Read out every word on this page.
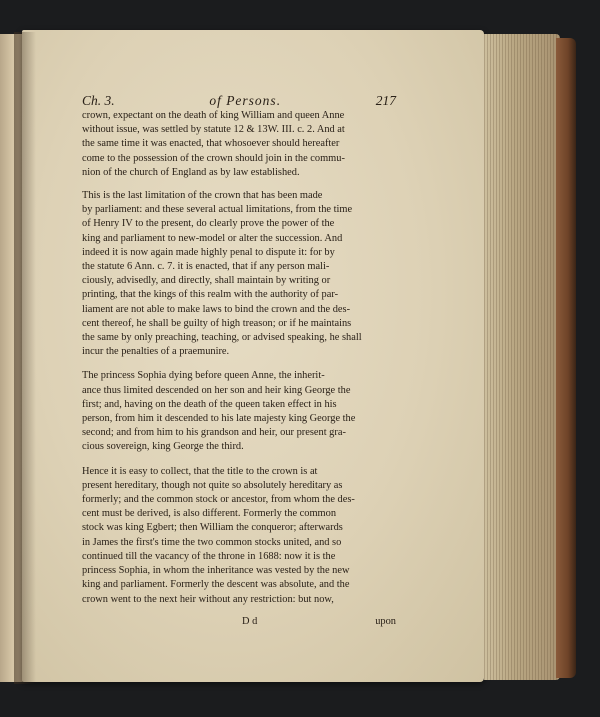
Ch. 3.	of Persons.	217

crown, expectant on the death of king William and queen Anne
without issue, was settled by statute 12 & 13W. III. c. 2. And at
the same time it was enacted, that whosoever should hereafter
come to the possession of the crown should join in the commu-
nion of the church of England as by law established.

This is the last limitation of the crown that has been made
by parliament: and these several actual limitations, from the time
of Henry IV to the present, do clearly prove the power of the
king and parliament to new-model or alter the succession. And
indeed it is now again made highly penal to dispute it: for by
the statute 6 Ann. c. 7. it is enacted, that if any person mali-
ciously, advisedly, and directly, shall maintain by writing or
printing, that the kings of this realm with the authority of par-
liament are not able to make laws to bind the crown and the des-
cent thereof, he shall be guilty of high treason; or if he maintains
the same by only preaching, teaching, or advised speaking, he shall
incur the penalties of a praemunire.

The princess Sophia dying before queen Anne, the inherit-
ance thus limited descended on her son and heir king George the
first; and, having on the death of the queen taken effect in his
person, from him it descended to his late majesty king George the
second; and from him to his grandson and heir, our present gra-
cious sovereign, king George the third.

Hence it is easy to collect, that the title to the crown is at
present hereditary, though not quite so absolutely hereditary as
formerly; and the common stock or ancestor, from whom the des-
cent must be derived, is also different. Formerly the common
stock was king Egbert; then William the conqueror; afterwards
in James the first's time the two common stocks united, and so
continued till the vacancy of the throne in 1688: now it is the
princess Sophia, in whom the inheritance was vested by the new
king and parliament. Formerly the descent was absolute, and the
crown went to the next heir without any restriction: but now,

D d	upon
